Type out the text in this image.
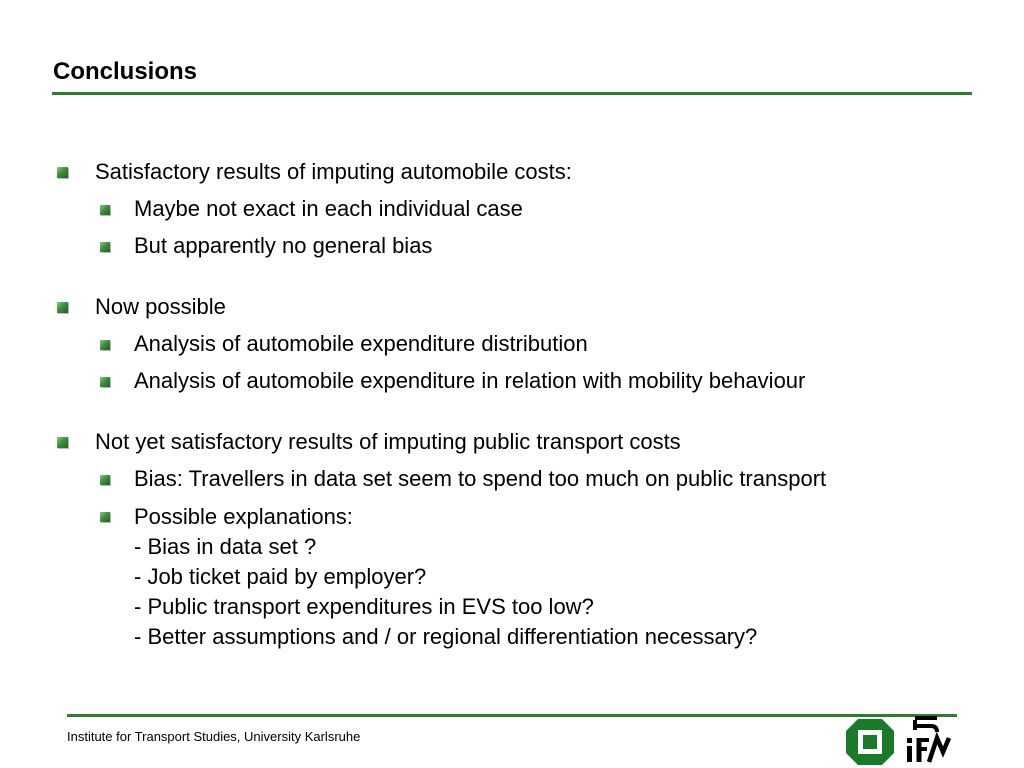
Conclusions
Satisfactory results of imputing automobile costs:
Maybe not exact in each individual case
But apparently no general bias
Now possible
Analysis of automobile expenditure distribution
Analysis of automobile expenditure in relation with mobility behaviour
Not yet satisfactory results of imputing public transport costs
Bias: Travellers in data set seem to spend too much on public transport
Possible explanations:
- Bias in data set ?
- Job ticket paid by employer?
- Public transport expenditures in EVS too low?
- Better assumptions and / or regional differentiation necessary?
Institute for Transport Studies, University Karlsruhe
